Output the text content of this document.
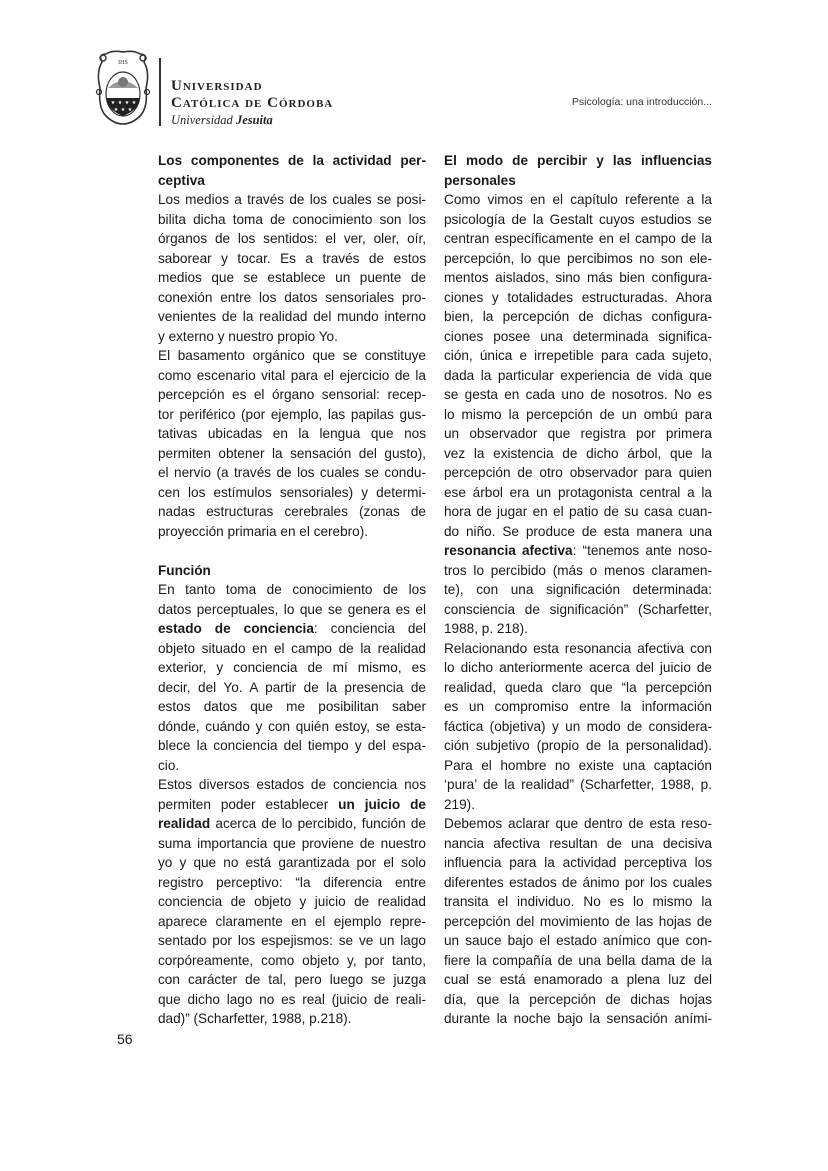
IHS
★ ★ ★ ★
★ ★ ★
Universidad
Católica de Córdoba
Universidad Jesuita
Psicología: una introducción...
Los componentes de la actividad per-
ceptiva
Los medios a través de los cuales se posi-
bilita dicha toma de conocimiento son los
órganos de los sentidos: el ver, oler, oír,
saborear y tocar. Es a través de estos
medios que se establece un puente de
conexión entre los datos sensoriales pro-
venientes de la realidad del mundo interno
y externo y nuestro propio Yo.
El basamento orgánico que se constituye
como escenario vital para el ejercicio de la
percepción es el órgano sensorial: recep-
tor periférico (por ejemplo, las papilas gus-
tativas ubicadas en la lengua que nos
permiten obtener la sensación del gusto),
el nervio (a través de los cuales se condu-
cen los estímulos sensoriales) y determi-
nadas estructuras cerebrales (zonas de
proyección primaria en el cerebro).
Función
En tanto toma de conocimiento de los
datos perceptuales, lo que se genera es el
estado de conciencia: conciencia del
objeto situado en el campo de la realidad
exterior, y conciencia de mí mismo, es
decir, del Yo. A partir de la presencia de
estos datos que me posibilitan saber
dónde, cuándo y con quién estoy, se esta-
blece la conciencia del tiempo y del espa-
cio.
Estos diversos estados de conciencia nos
permiten poder establecer un juicio de
realidad acerca de lo percibido, función de
suma importancia que proviene de nuestro
yo y que no está garantizada por el solo
registro perceptivo: “la diferencia entre
conciencia de objeto y juicio de realidad
aparece claramente en el ejemplo repre-
sentado por los espejismos: se ve un lago
corpóreamente, como objeto y, por tanto,
con carácter de tal, pero luego se juzga
que dicho lago no es real (juicio de reali-
dad)” (Scharfetter, 1988, p.218).
El modo de percibir y las influencias
personales
Como vimos en el capítulo referente a la
psicología de la Gestalt cuyos estudios se
centran específicamente en el campo de la
percepción, lo que percibimos no son ele-
mentos aislados, sino más bien configura-
ciones y totalidades estructuradas. Ahora
bien, la percepción de dichas configura-
ciones posee una determinada significa-
ción, única e irrepetible para cada sujeto,
dada la particular experiencia de vida que
se gesta en cada uno de nosotros. No es
lo mismo la percepción de un ombú para
un observador que registra por primera
vez la existencia de dicho árbol, que la
percepción de otro observador para quien
ese árbol era un protagonista central a la
hora de jugar en el patio de su casa cuan-
do niño. Se produce de esta manera una
resonancia afectiva: “tenemos ante noso-
tros lo percibido (más o menos claramen-
te), con una significación determinada:
consciencia de significación” (Scharfetter,
1988, p. 218).
Relacionando esta resonancia afectiva con
lo dicho anteriormente acerca del juicio de
realidad, queda claro que “la percepción
es un compromiso entre la información
fáctica (objetiva) y un modo de considera-
ción subjetivo (propio de la personalidad).
Para el hombre no existe una captación
‘pura’ de la realidad” (Scharfetter, 1988, p.
219).
Debemos aclarar que dentro de esta reso-
nancia afectiva resultan de una decisiva
influencia para la actividad perceptiva los
diferentes estados de ánimo por los cuales
transita el individuo. No es lo mismo la
percepción del movimiento de las hojas de
un sauce bajo el estado anímico que con-
fiere la compañía de una bella dama de la
cual se está enamorado a plena luz del
día, que la percepción de dichas hojas
durante la noche bajo la sensación aními-
56
